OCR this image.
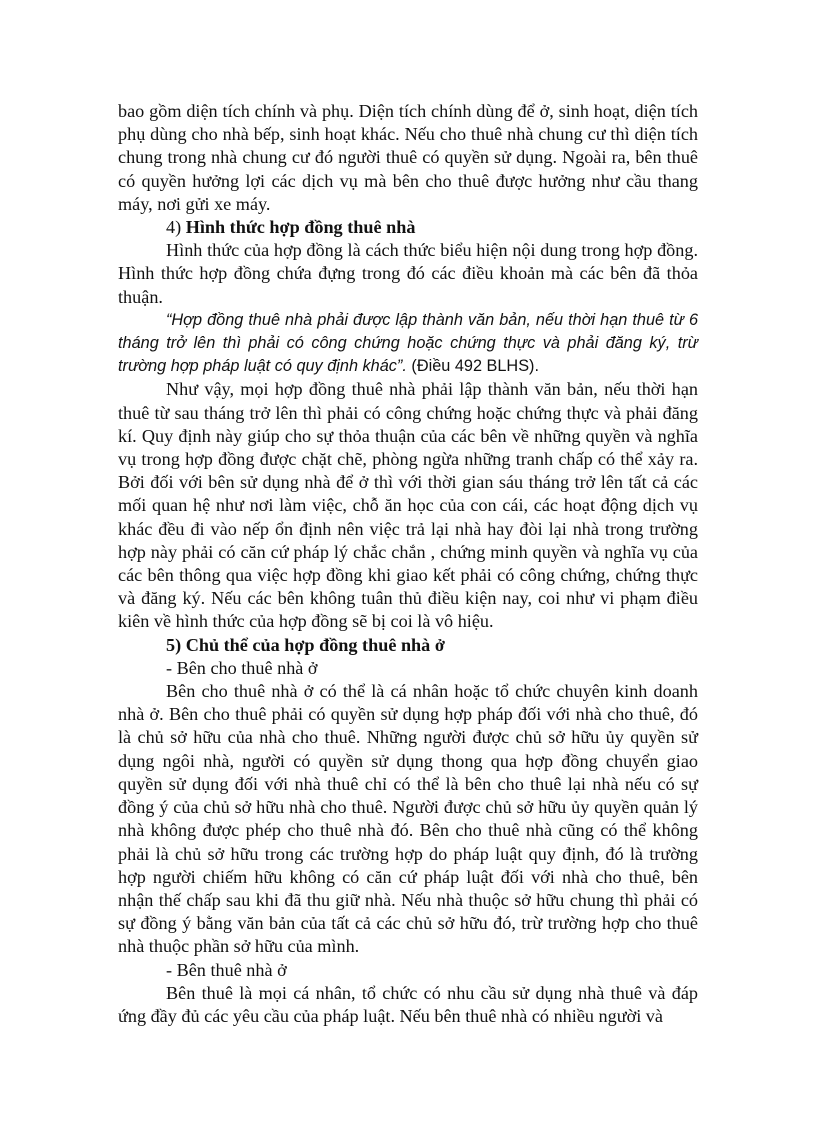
bao gồm diện tích chính và phụ. Diện tích chính dùng để ở, sinh hoạt, diện tích phụ dùng cho nhà bếp, sinh hoạt khác. Nếu cho thuê nhà chung cư thì diện tích chung trong nhà chung cư đó người thuê có quyền sử dụng. Ngoài ra, bên thuê có quyền hưởng lợi các dịch vụ mà bên cho thuê được hưởng như cầu thang máy, nơi gửi xe máy.

4) Hình thức hợp đồng thuê nhà

Hình thức của hợp đồng là cách thức biểu hiện nội dung trong hợp đồng. Hình thức hợp đồng chứa đựng trong đó các điều khoản mà các bên đã thỏa thuận.

“Hợp đồng thuê nhà phải được lập thành văn bản, nếu thời hạn thuê từ 6 tháng trở lên thì phải có công chứng hoặc chứng thực và phải đăng ký, trừ trường hợp pháp luật có quy định khác”. (Điều 492 BLHS).

Như vậy, mọi hợp đồng thuê nhà phải lập thành văn bản, nếu thời hạn thuê từ sau tháng trở lên thì phải có công chứng hoặc chứng thực và phải đăng kí. Quy định này giúp cho sự thỏa thuận của các bên về những quyền và nghĩa vụ trong hợp đồng được chặt chẽ, phòng ngừa những tranh chấp có thể xảy ra. Bởi đối với bên sử dụng nhà để ở thì với thời gian sáu tháng trở lên tất cả các mối quan hệ như nơi làm việc, chỗ ăn học của con cái, các hoạt động dịch vụ khác đều đi vào nếp ổn định nên việc trả lại nhà hay đòi lại nhà trong trường hợp này phải có căn cứ pháp lý chắc chắn , chứng minh quyền và nghĩa vụ của các bên thông qua việc hợp đồng khi giao kết phải có công chứng, chứng thực và đăng ký. Nếu các bên không tuân thủ điều kiện nay, coi như vi phạm điều kiên về hình thức của hợp đồng sẽ bị coi là vô hiệu.

5) Chủ thể của hợp đồng thuê nhà ở

- Bên cho thuê nhà ở

Bên cho thuê nhà ở có thể là cá nhân hoặc tổ chức chuyên kinh doanh nhà ở. Bên cho thuê phải có quyền sử dụng hợp pháp đối với nhà cho thuê, đó là chủ sở hữu của nhà cho thuê. Những người được chủ sở hữu ủy quyền sử dụng ngôi nhà, người có quyền sử dụng thong qua hợp đồng chuyển giao quyền sử dụng đối với nhà thuê chỉ có thể là bên cho thuê lại nhà nếu có sự đồng ý của chủ sở hữu nhà cho thuê. Người được chủ sở hữu ủy quyền quản lý nhà không được phép cho thuê nhà đó. Bên cho thuê nhà cũng có thể không phải là chủ sở hữu trong các trường hợp do pháp luật quy định, đó là trường hợp người chiếm hữu không có căn cứ pháp luật đối với nhà cho thuê, bên nhận thế chấp sau khi đã thu giữ nhà. Nếu nhà thuộc sở hữu chung thì phải có sự đồng ý bằng văn bản của tất cả các chủ sở hữu đó, trừ trường hợp cho thuê nhà thuộc phần sở hữu của mình.

- Bên thuê nhà ở

Bên thuê là mọi cá nhân, tổ chức có nhu cầu sử dụng nhà thuê và đáp ứng đầy đủ các yêu cầu của pháp luật. Nếu bên thuê nhà có nhiều người và
